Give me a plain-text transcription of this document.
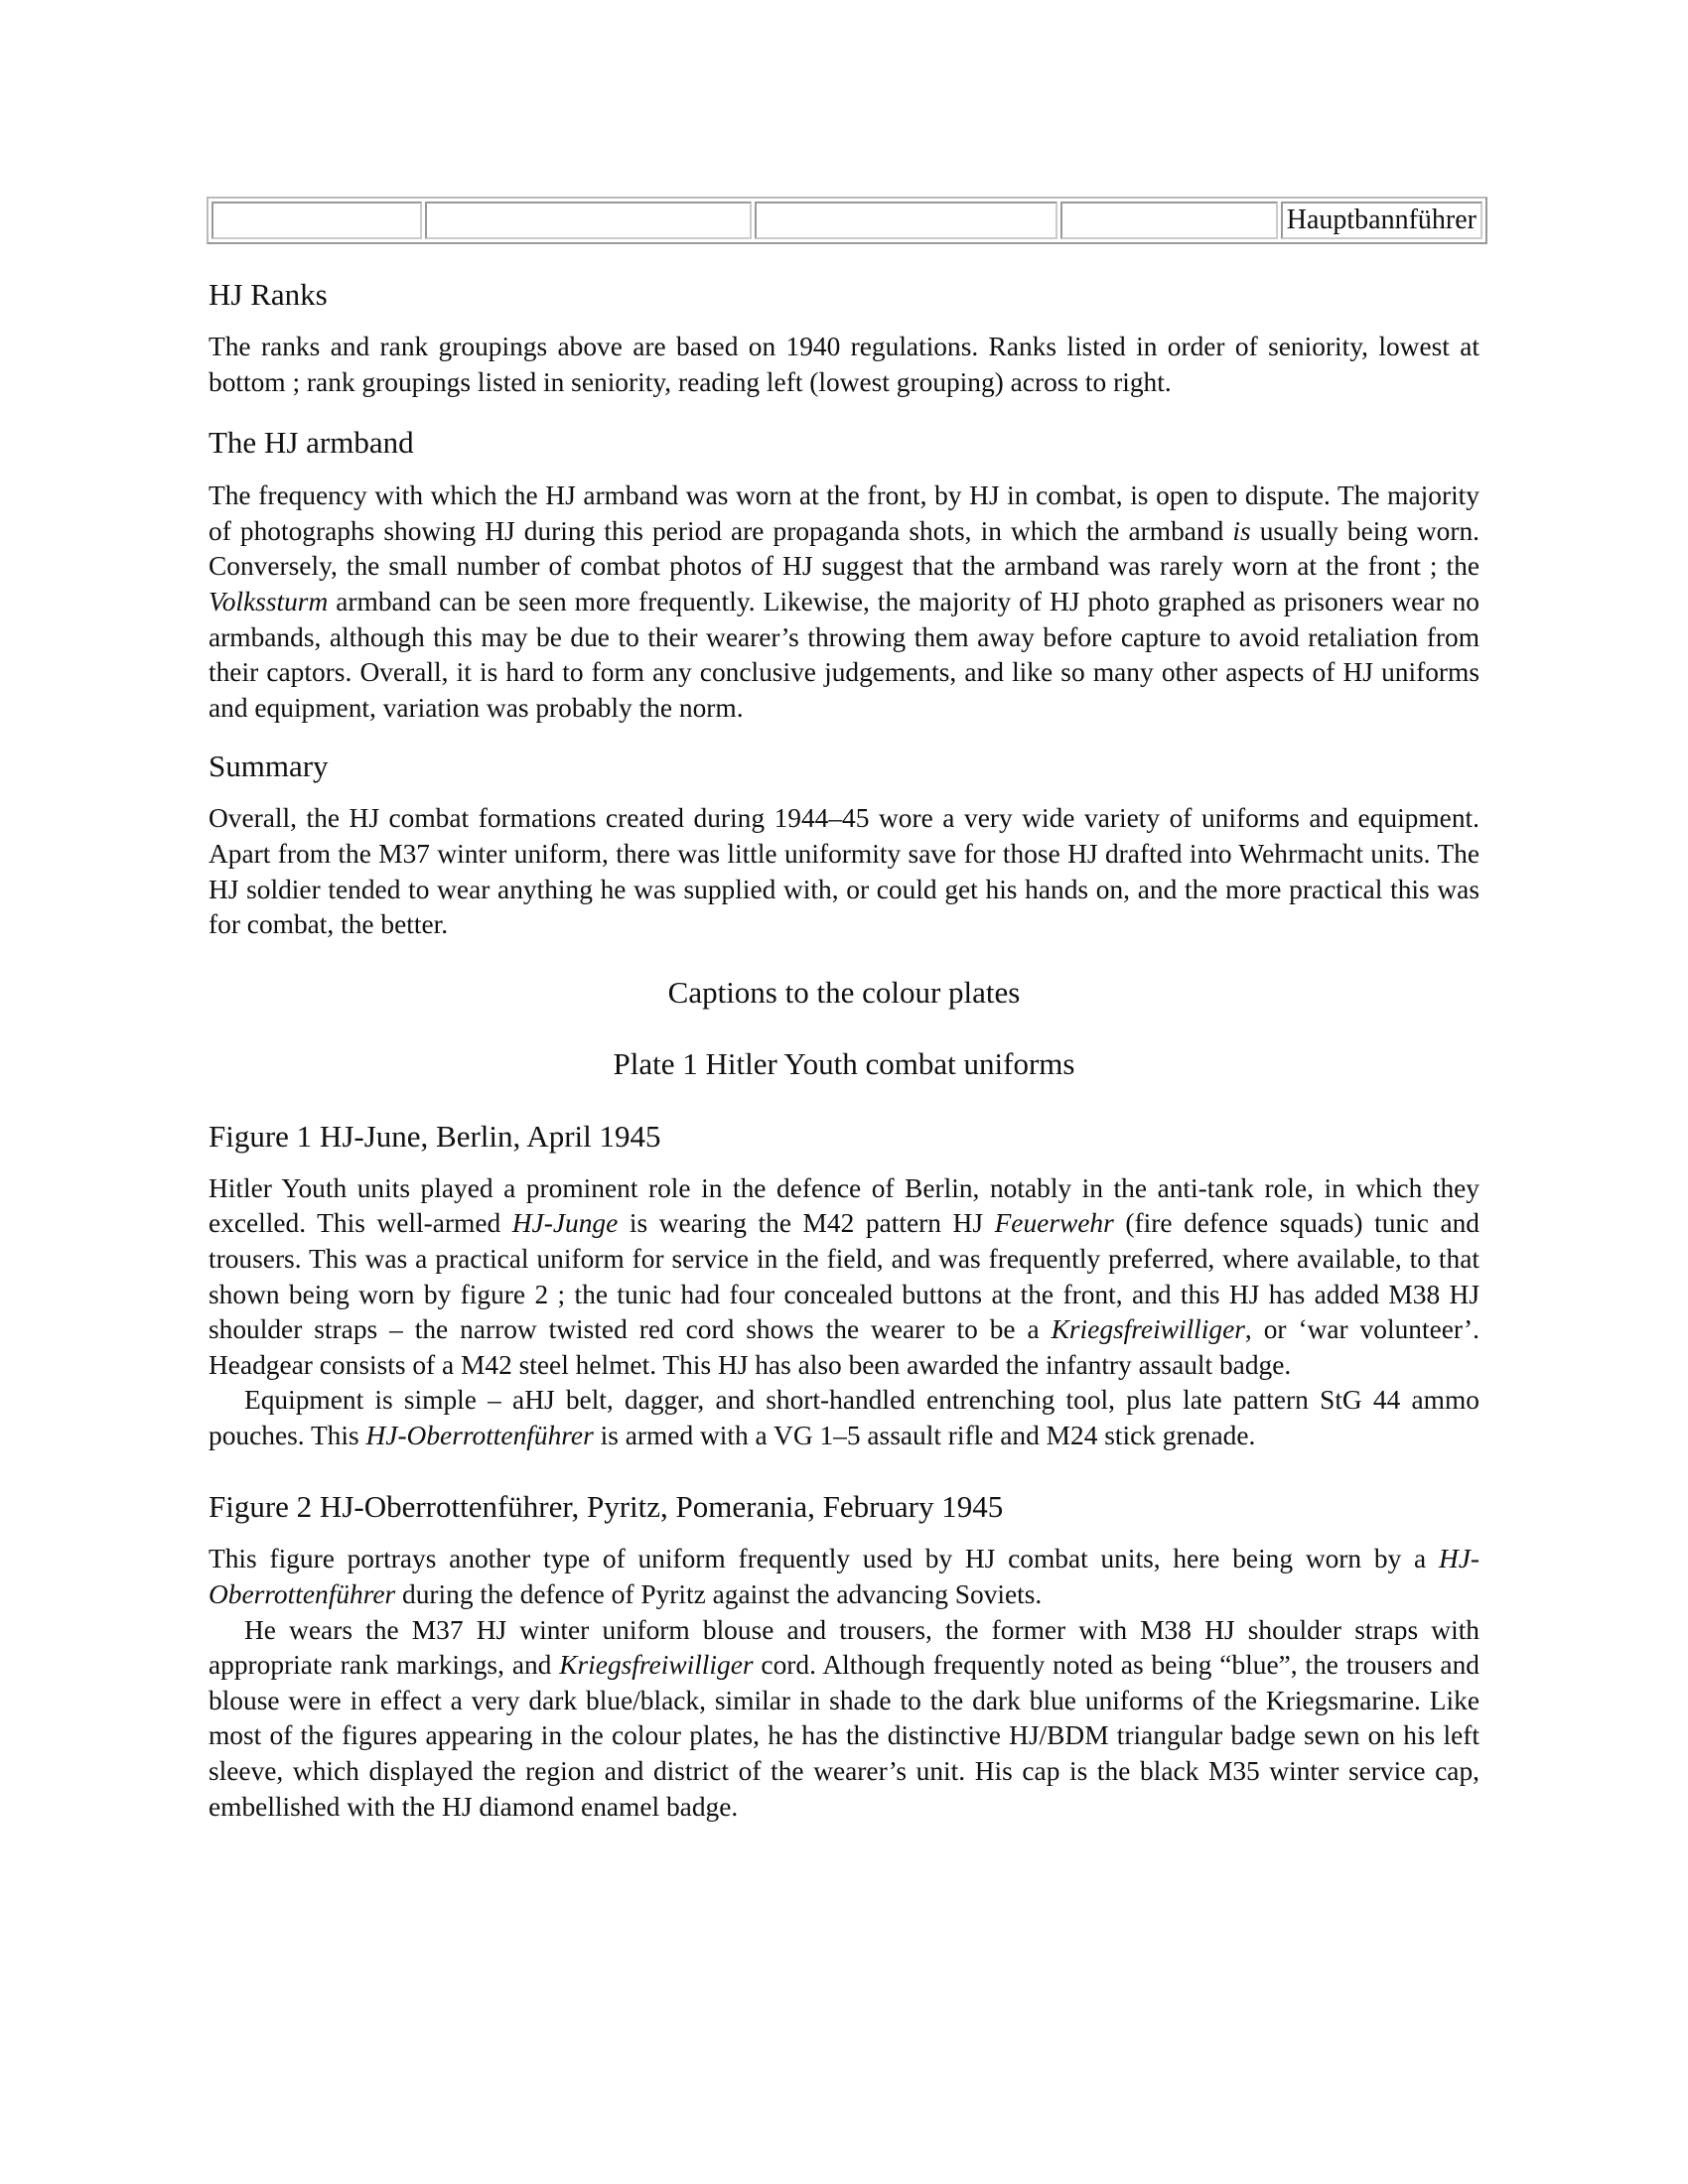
				Hauptbannführer
HJ Ranks

The ranks and rank groupings above are based on 1940 regulations. Ranks listed in order of seniority, lowest at bottom ; rank groupings listed in seniority, reading left (lowest grouping) across to right.

The HJ armband

The frequency with which the HJ armband was worn at the front, by HJ in combat, is open to dispute. The majority of photographs showing HJ during this period are propaganda shots, in which the armband is usually being worn. Conversely, the small number of combat photos of HJ suggest that the armband was rarely worn at the front ; the Volkssturm armband can be seen more frequently. Likewise, the majority of HJ photo graphed as prisoners wear no armbands, although this may be due to their wearer’s throwing them away before capture to avoid retaliation from their captors. Overall, it is hard to form any conclusive judgements, and like so many other aspects of HJ uniforms and equipment, variation was probably the norm.

Summary

Overall, the HJ combat formations created during 1944–45 wore a very wide variety of uniforms and equipment. Apart from the M37 winter uniform, there was little uniformity save for those HJ drafted into Wehrmacht units. The HJ soldier tended to wear anything he was supplied with, or could get his hands on, and the more practical this was for combat, the better.

Captions to the colour plates
Plate 1 Hitler Youth combat uniforms
Figure 1 HJ-June, Berlin, April 1945

Hitler Youth units played a prominent role in the defence of Berlin, notably in the anti-tank role, in which they excelled. This well-armed HJ-Junge is wearing the M42 pattern HJ Feuerwehr (fire defence squads) tunic and trousers. This was a practical uniform for service in the field, and was frequently preferred, where available, to that shown being worn by figure 2 ; the tunic had four concealed buttons at the front, and this HJ has added M38 HJ shoulder straps – the narrow twisted red cord shows the wearer to be a Kriegsfreiwilliger, or ‘war volunteer’. Headgear consists of a M42 steel helmet. This HJ has also been awarded the infantry assault badge.

Equipment is simple – aHJ belt, dagger, and short-handled entrenching tool, plus late pattern StG 44 ammo pouches. This HJ-Oberrottenführer is armed with a VG 1–5 assault rifle and M24 stick grenade.

Figure 2 HJ-Oberrottenführer, Pyritz, Pomerania, February 1945

This figure portrays another type of uniform frequently used by HJ combat units, here being worn by a HJ-Oberrottenführer during the defence of Pyritz against the advancing Soviets.

He wears the M37 HJ winter uniform blouse and trousers, the former with M38 HJ shoulder straps with appropriate rank markings, and Kriegsfreiwilliger cord. Although frequently noted as being “blue”, the trousers and blouse were in effect a very dark blue/black, similar in shade to the dark blue uniforms of the Kriegsmarine. Like most of the figures appearing in the colour plates, he has the distinctive HJ/BDM triangular badge sewn on his left sleeve, which displayed the region and district of the wearer’s unit. His cap is the black M35 winter service cap, embellished with the HJ diamond enamel badge.
